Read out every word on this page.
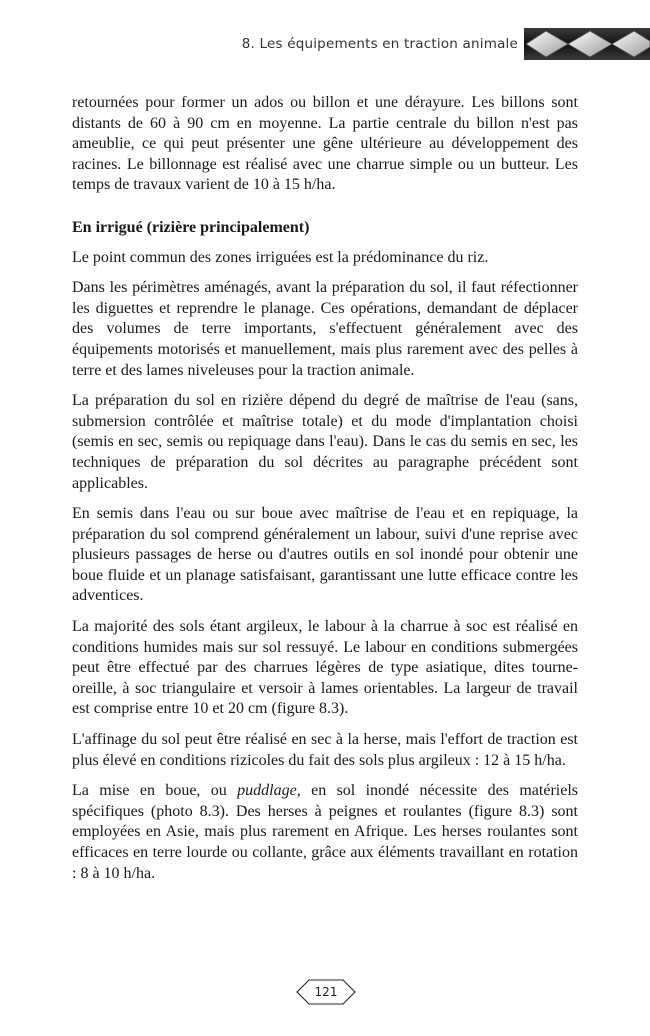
8. Les équipements en traction animale

retournées pour former un ados ou billon et une dérayure. Les billons sont distants de 60 à 90 cm en moyenne. La partie centrale du billon n'est pas ameublie, ce qui peut présenter une gêne ultérieure au développement des racines. Le billonnage est réalisé avec une charrue simple ou un butteur. Les temps de travaux varient de 10 à 15 h/ha.

En irrigué (rizière principalement)

Le point commun des zones irriguées est la prédominance du riz.

Dans les périmètres aménagés, avant la préparation du sol, il faut réfectionner les diguettes et reprendre le planage. Ces opérations, demandant de déplacer des volumes de terre importants, s'effectuent généralement avec des équipements motorisés et manuellement, mais plus rarement avec des pelles à terre et des lames niveleuses pour la traction animale.

La préparation du sol en rizière dépend du degré de maîtrise de l'eau (sans, submersion contrôlée et maîtrise totale) et du mode d'implantation choisi (semis en sec, semis ou repiquage dans l'eau). Dans le cas du semis en sec, les techniques de préparation du sol décrites au paragraphe précédent sont applicables.

En semis dans l'eau ou sur boue avec maîtrise de l'eau et en repiquage, la préparation du sol comprend généralement un labour, suivi d'une reprise avec plusieurs passages de herse ou d'autres outils en sol inondé pour obtenir une boue fluide et un planage satisfaisant, garantissant une lutte efficace contre les adventices.

La majorité des sols étant argileux, le labour à la charrue à soc est réalisé en conditions humides mais sur sol ressuyé. Le labour en conditions submergées peut être effectué par des charrues légères de type asiatique, dites tourne-oreille, à soc triangulaire et versoir à lames orientables. La largeur de travail est comprise entre 10 et 20 cm (figure 8.3).

L'affinage du sol peut être réalisé en sec à la herse, mais l'effort de traction est plus élevé en conditions rizicoles du fait des sols plus argileux : 12 à 15 h/ha.

La mise en boue, ou puddlage, en sol inondé nécessite des matériels spécifiques (photo 8.3). Des herses à peignes et roulantes (figure 8.3) sont employées en Asie, mais plus rarement en Afrique. Les herses roulantes sont efficaces en terre lourde ou collante, grâce aux éléments travaillant en rotation : 8 à 10 h/ha.

121
